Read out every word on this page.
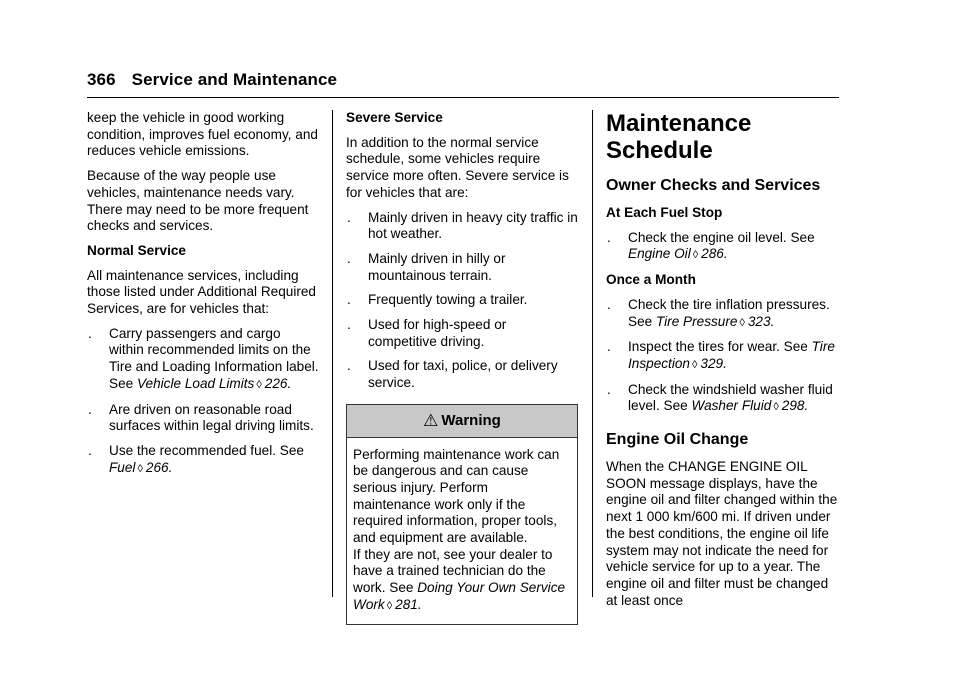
366 Service and Maintenance

keep the vehicle in good working condition, improves fuel economy, and reduces vehicle emissions.

Because of the way people use vehicles, maintenance needs vary. There may need to be more frequent checks and services.

Normal Service

All maintenance services, including those listed under Additional Required Services, are for vehicles that:

. Carry passengers and cargo within recommended limits on the Tire and Loading Information label. See Vehicle Load Limits ◊ 226.
. Are driven on reasonable road surfaces within legal driving limits.
. Use the recommended fuel. See Fuel ◊ 266.

Severe Service

In addition to the normal service schedule, some vehicles require service more often. Severe service is for vehicles that are:

. Mainly driven in heavy city traffic in hot weather.
. Mainly driven in hilly or mountainous terrain.
. Frequently towing a trailer.
. Used for high-speed or competitive driving.
. Used for taxi, police, or delivery service.
⚠ Warning
Performing maintenance work can
be dangerous and can cause
serious injury. Perform
maintenance work only if the
required information, proper tools,
and equipment are available.
If they are not, see your dealer to
have a trained technician do the
work. See Doing Your Own Service Work ◊ 281.
Maintenance Schedule
Owner Checks and Services

At Each Fuel Stop

. Check the engine oil level. See Engine Oil ◊ 286.

Once a Month

. Check the tire inflation pressures. See Tire Pressure ◊ 323.
. Inspect the tires for wear. See Tire Inspection ◊ 329.
. Check the windshield washer fluid level. See Washer Fluid ◊ 298.
Engine Oil Change

When the CHANGE ENGINE OIL SOON message displays, have the engine oil and filter changed within the next 1 000 km/600 mi. If driven under the best conditions, the engine oil life system may not indicate the need for vehicle service for up to a year. The engine oil and filter must be changed at least once
